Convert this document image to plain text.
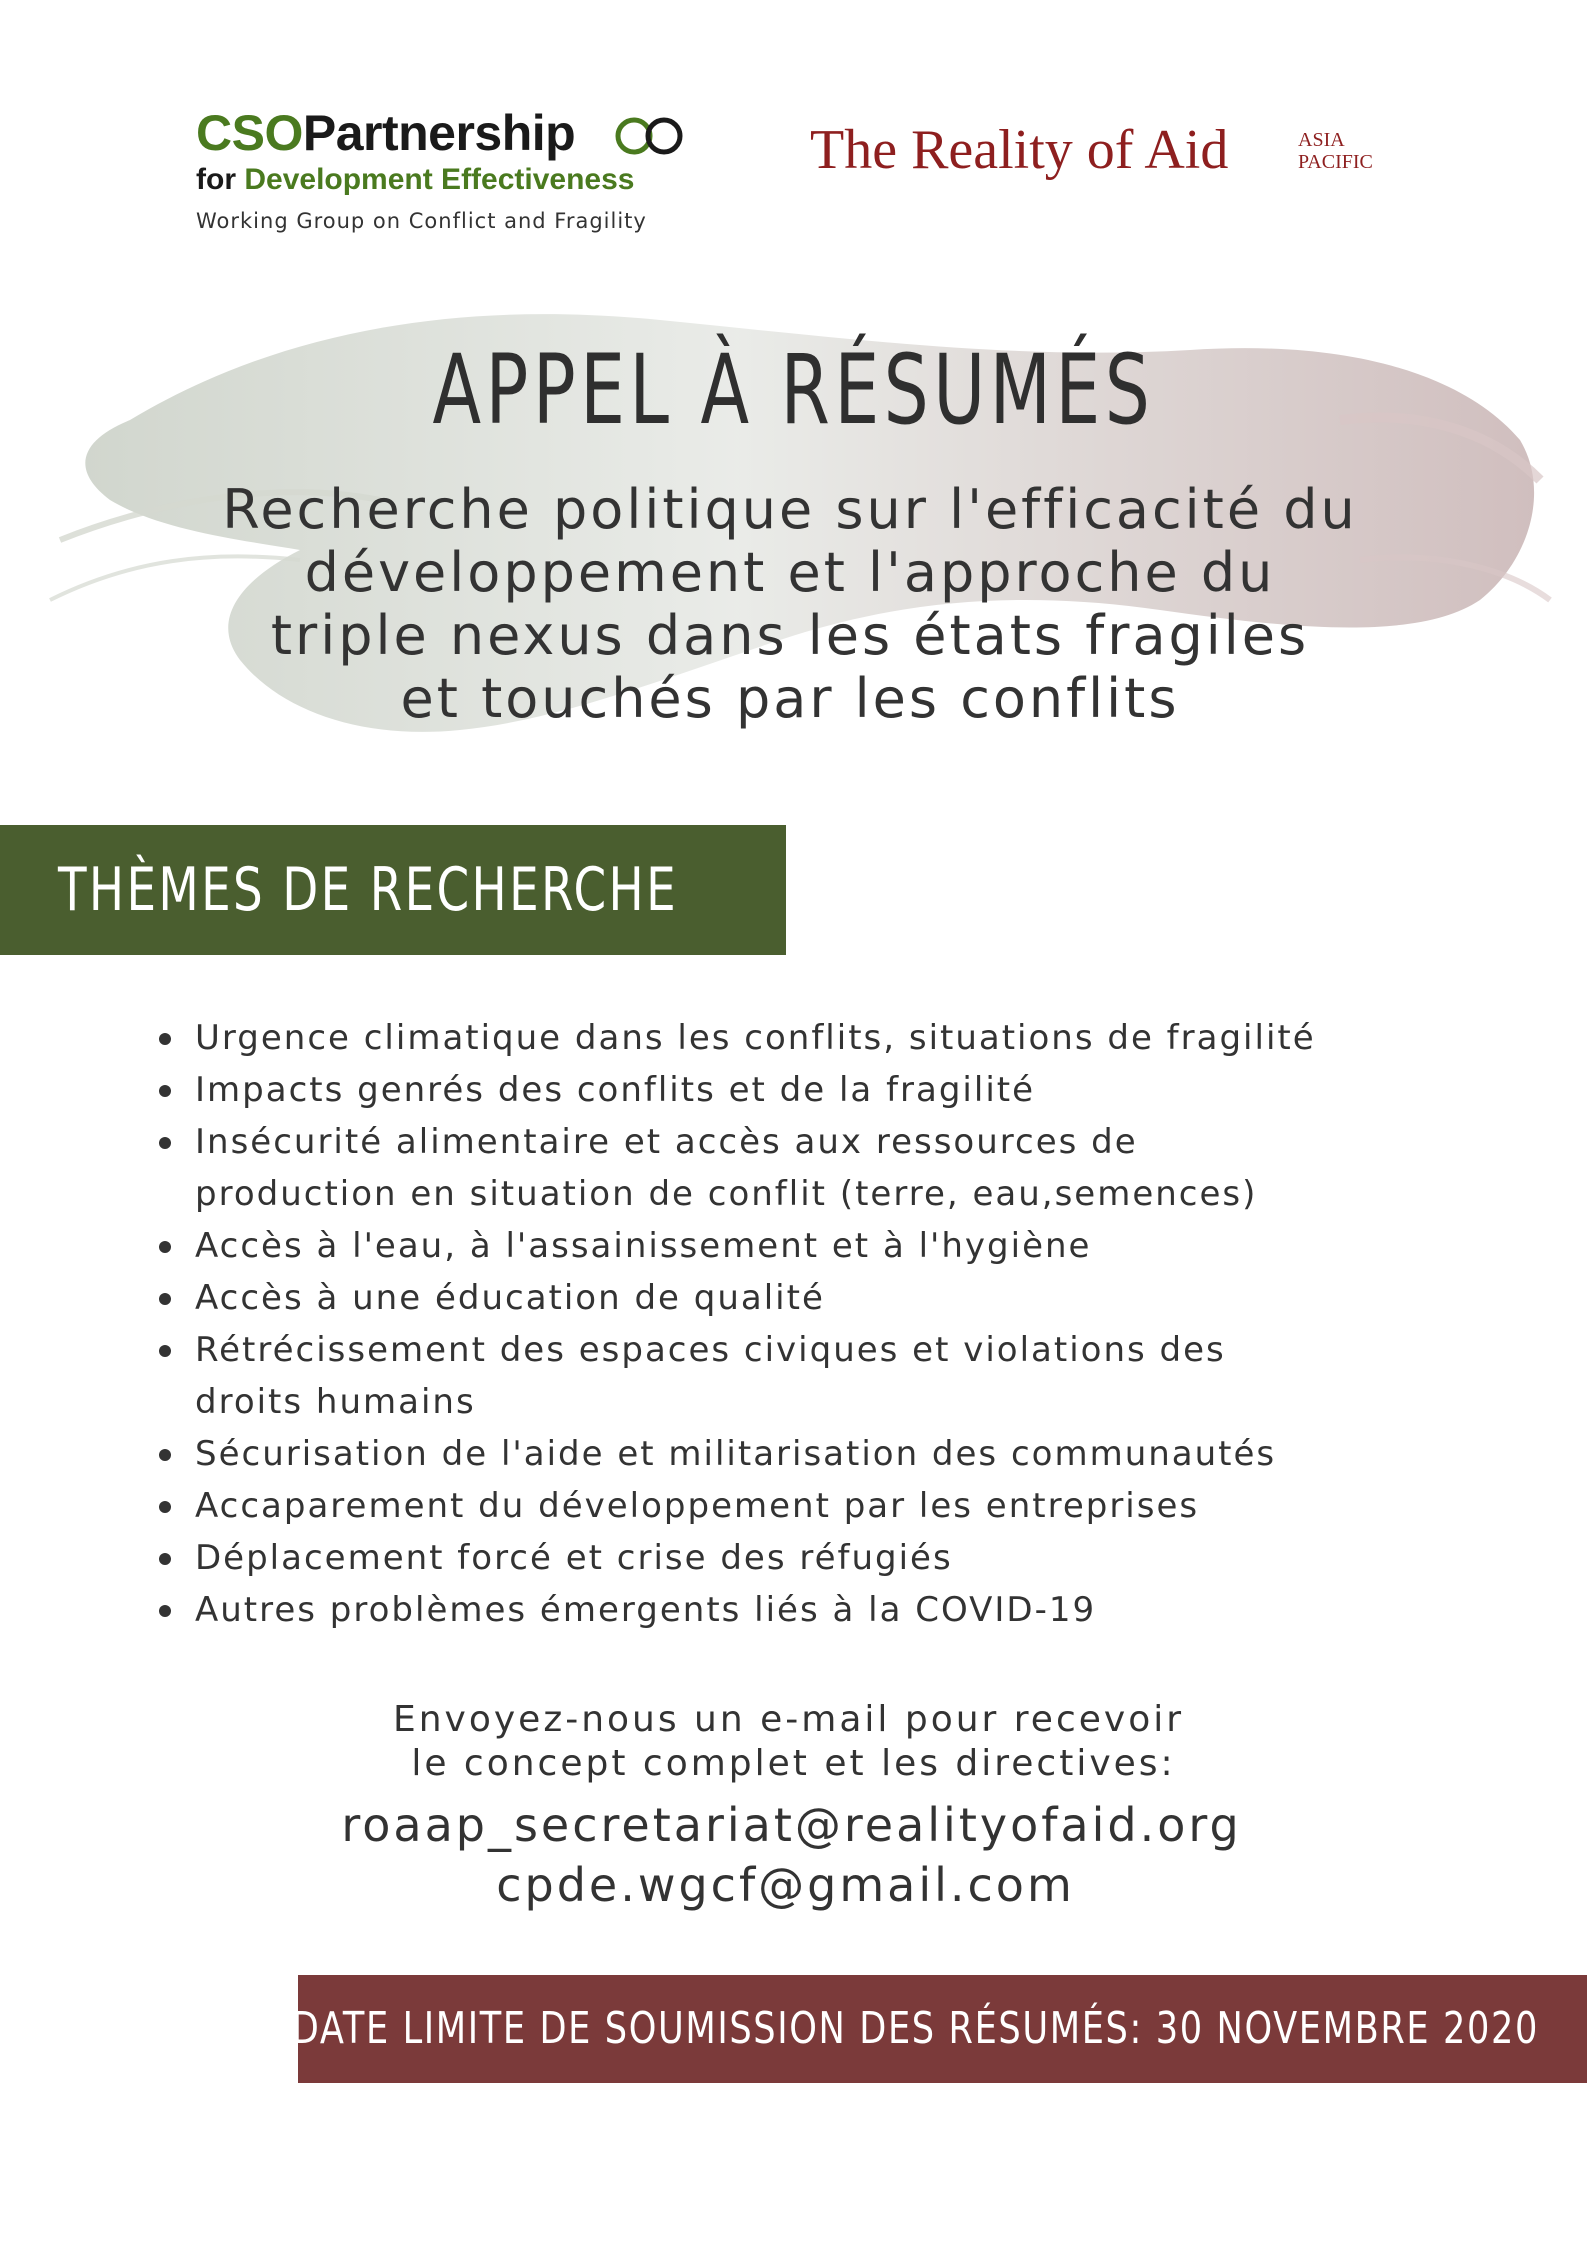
CSOPartnership
for Development Effectiveness
Working Group on Conflict and Fragility
The Reality of Aid	ASIA
PACIFIC
APPEL À RÉSUMÉS
Recherche politique sur l'efficacité du
développement et l'approche du
triple nexus dans les états fragiles
et touchés par les conflits
THÈMES DE RECHERCHE
Urgence climatique dans les conflits, situations de fragilité
Impacts genrés des conflits et de la fragilité
Insécurité alimentaire et accès aux ressources de production en situation de conflit (terre, eau,semences)
Accès à l'eau, à l'assainissement et à l'hygiène
Accès à une éducation de qualité
Rétrécissement des espaces civiques et violations des droits humains
Sécurisation de l'aide et militarisation des communautés
Accaparement du développement par les entreprises
Déplacement forcé et crise des réfugiés
Autres problèmes émergents liés à la COVID-19
Envoyez-nous un e-mail pour recevoir
le concept complet et les directives:
roaap_secretariat@realityofaid.org
cpde.wgcf@gmail.com
DATE LIMITE DE SOUMISSION DES RÉSUMÉS: 30 NOVEMBRE 2020
